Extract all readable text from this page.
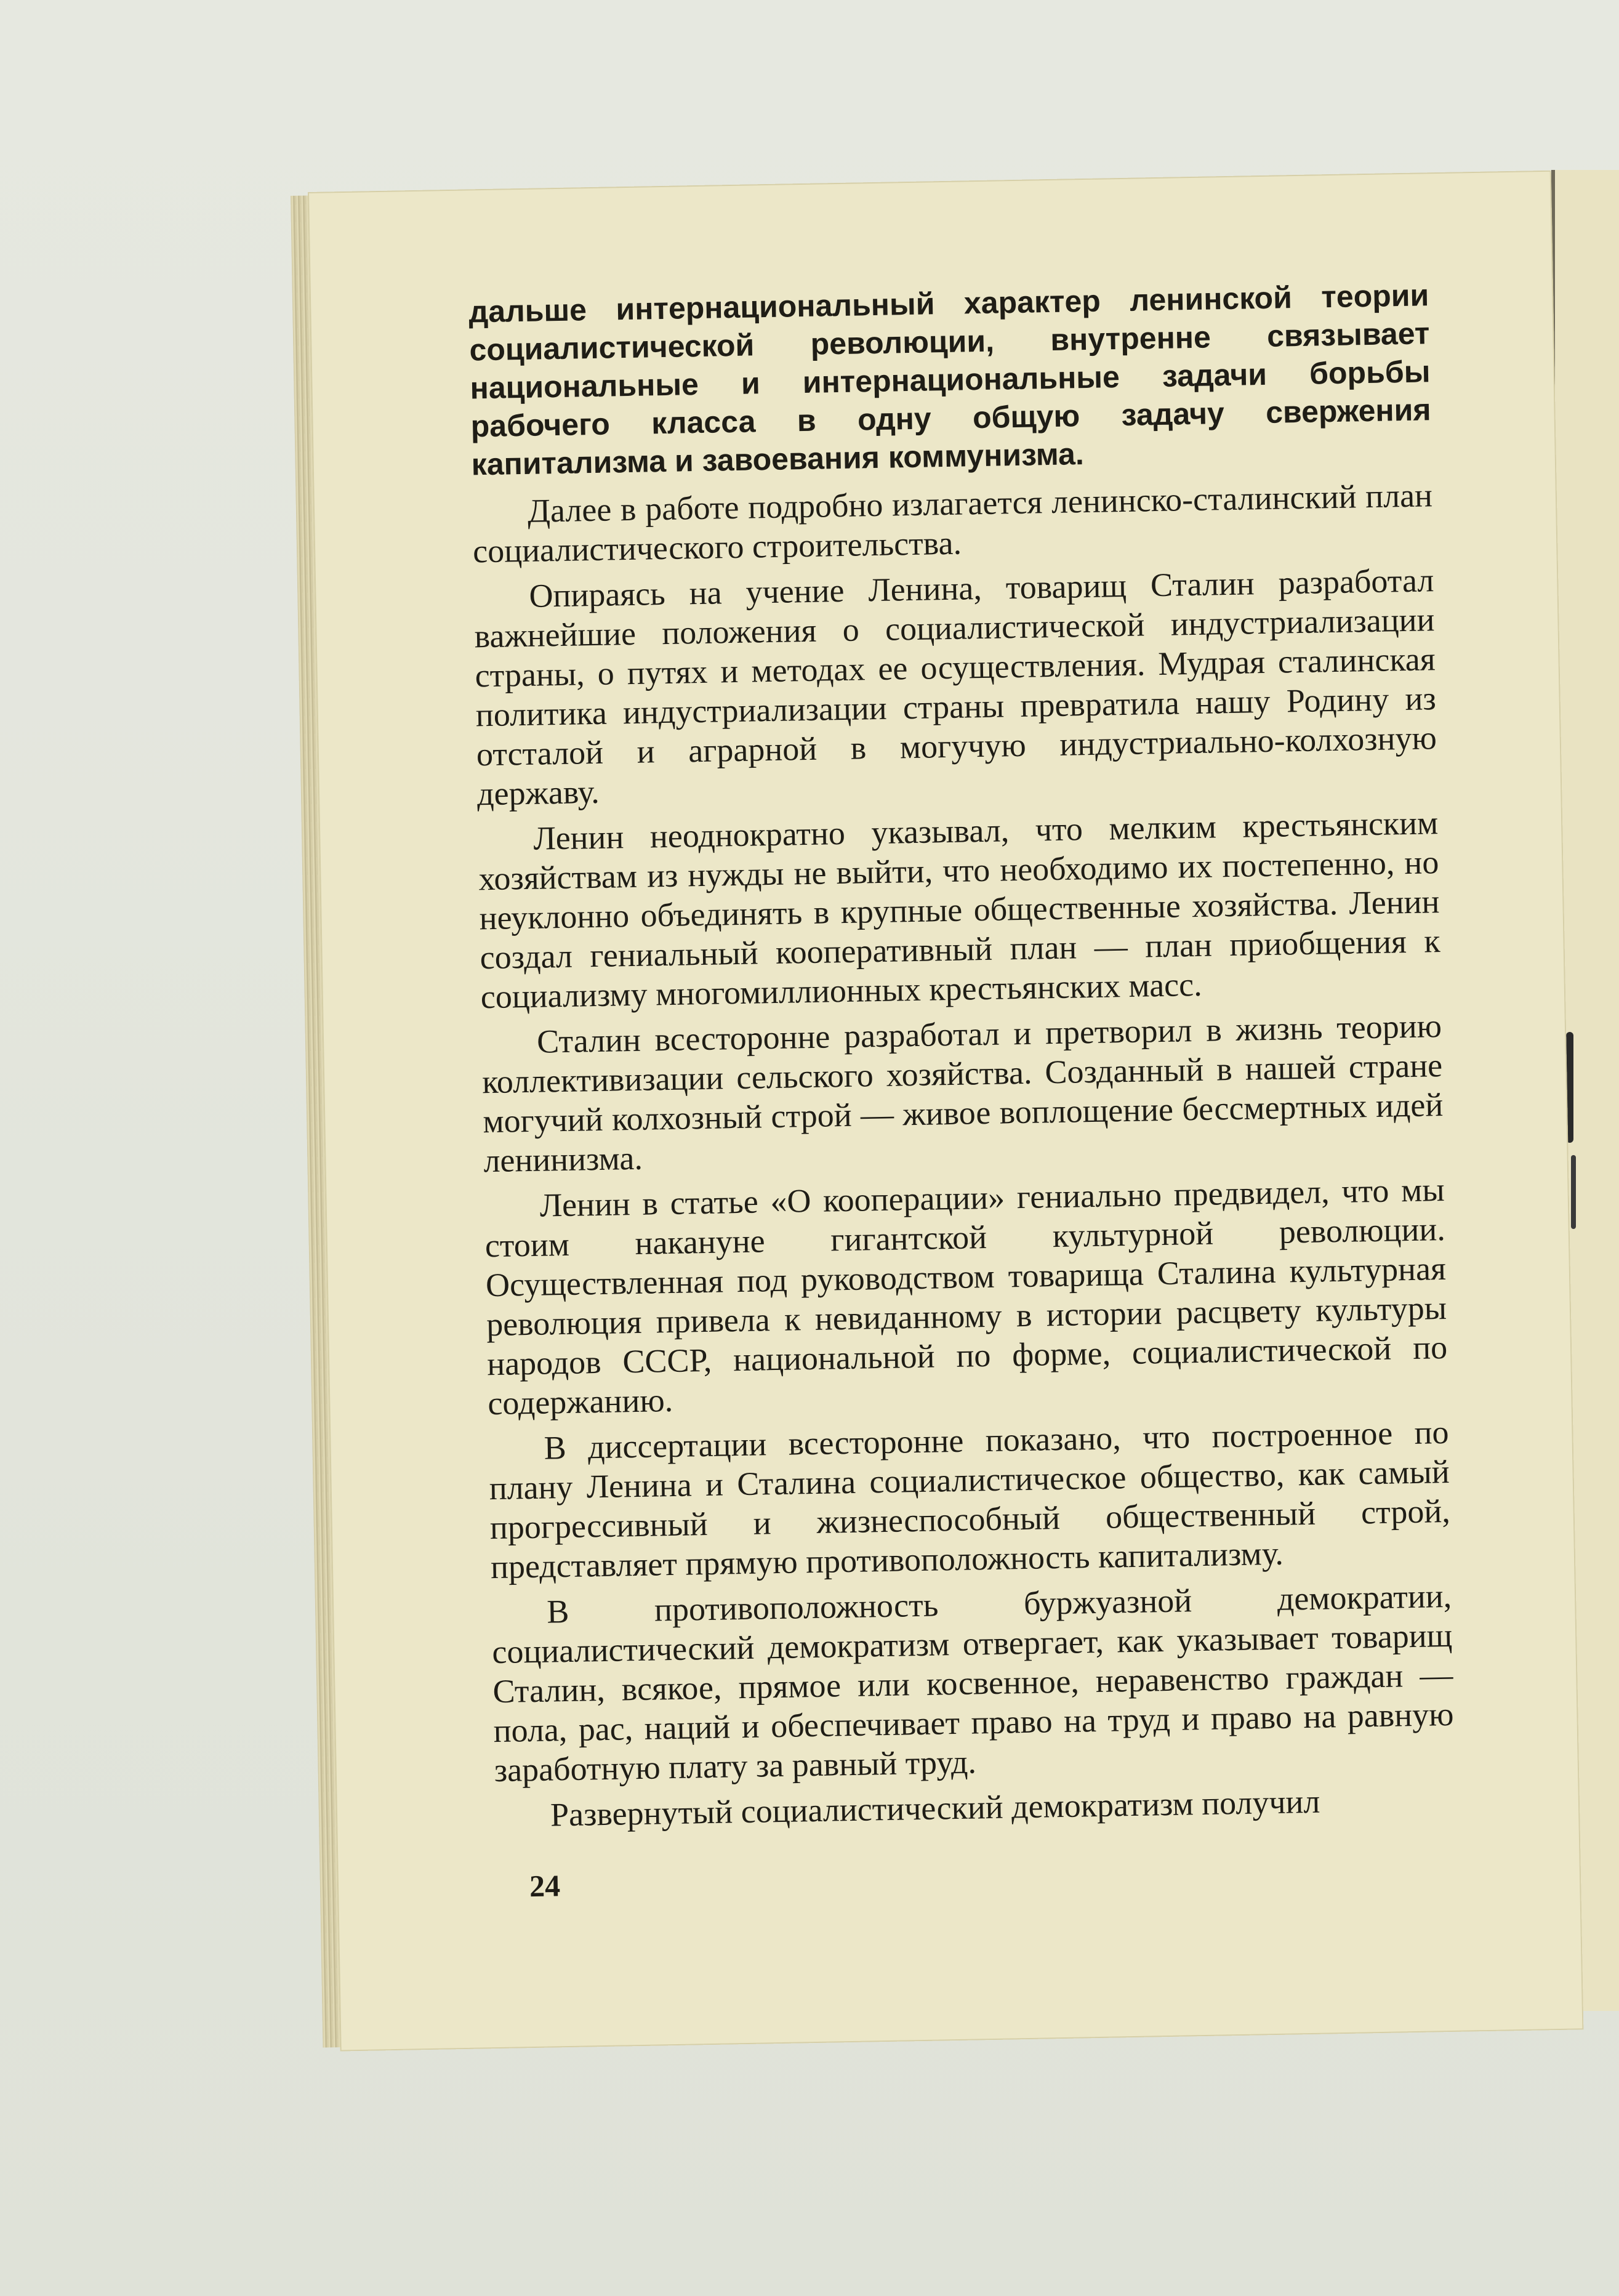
дальше интернациональный характер ленинской теории социалистической революции, внутренне связывает национальные и интернациональные задачи борьбы рабочего класса в одну общую задачу свержения капитализма и завоевания коммунизма.

Далее в работе подробно излагается ленинско-сталинский план социалистического строительства.

Опираясь на учение Ленина, товарищ Сталин разработал важнейшие положения о социалистической индустриализации страны, о путях и методах ее осуществления. Мудрая сталинская политика индустриализации страны превратила нашу Родину из отсталой и аграрной в могучую индустриально-колхозную державу.

Ленин неоднократно указывал, что мелким крестьянским хозяйствам из нужды не выйти, что необходимо их постепенно, но неуклонно объединять в крупные общественные хозяйства. Ленин создал гениальный кооперативный план — план приобщения к социализму многомиллионных крестьянских масс.

Сталин всесторонне разработал и претворил в жизнь теорию коллективизации сельского хозяйства. Созданный в нашей стране могучий колхозный строй — живое воплощение бессмертных идей ленинизма.

Ленин в статье «О кооперации» гениально предвидел, что мы стоим накануне гигантской культурной революции. Осуществленная под руководством товарища Сталина культурная революция привела к невиданному в истории расцвету культуры народов СССР, национальной по форме, социалистической по содержанию.

В диссертации всесторонне показано, что построенное по плану Ленина и Сталина социалистическое общество, как самый прогрессивный и жизнеспособный общественный строй, представляет прямую противоположность капитализму.

В противоположность буржуазной демократии, социалистический демократизм отвергает, как указывает товарищ Сталин, всякое, прямое или косвенное, неравенство граждан — пола, рас, наций и обеспечивает право на труд и право на равную заработную плату за равный труд.

Развернутый социалистический демократизм получил

24
